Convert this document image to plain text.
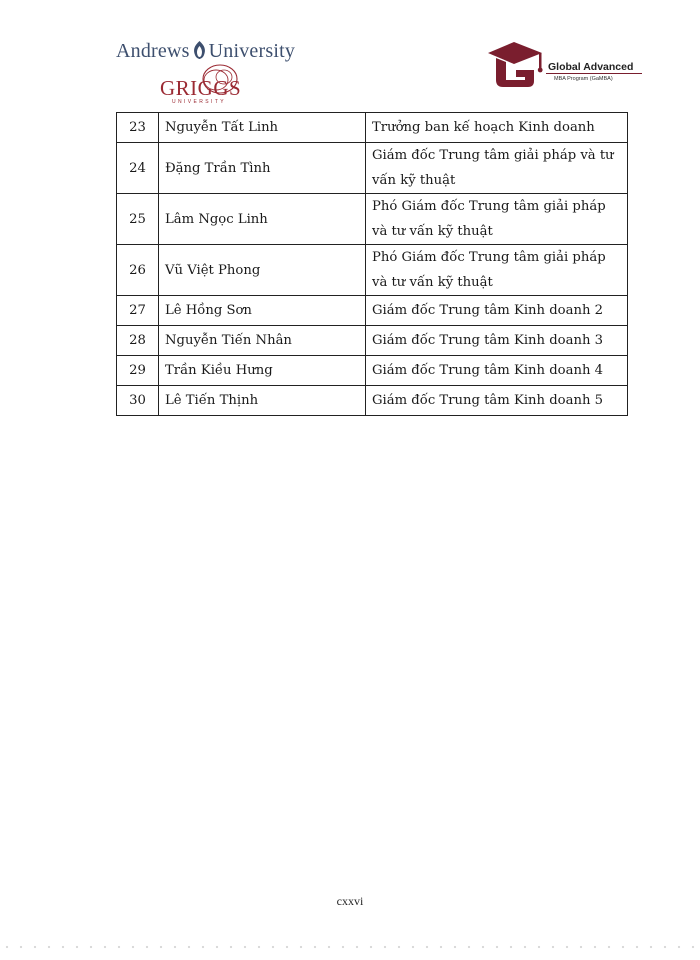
Andrews University
GRIGGS
UNIVERSITY
Global Advanced
MBA Program (GaMBA)
23	Nguyễn Tất Linh	Trưởng ban kế hoạch Kinh doanh
24	Đặng Trần Tình	Giám đốc Trung tâm giải pháp và tư vấn kỹ thuật
25	Lâm Ngọc Linh	Phó Giám đốc Trung tâm giải pháp và tư vấn kỹ thuật
26	Vũ Việt Phong	Phó Giám đốc Trung tâm giải pháp và tư vấn kỹ thuật
27	Lê Hồng Sơn	Giám đốc Trung tâm Kinh doanh 2
28	Nguyễn Tiến Nhân	Giám đốc Trung tâm Kinh doanh 3
29	Trần Kiều Hưng	Giám đốc Trung tâm Kinh doanh 4
30	Lê Tiến Thịnh	Giám đốc Trung tâm Kinh doanh 5
cxxvi
